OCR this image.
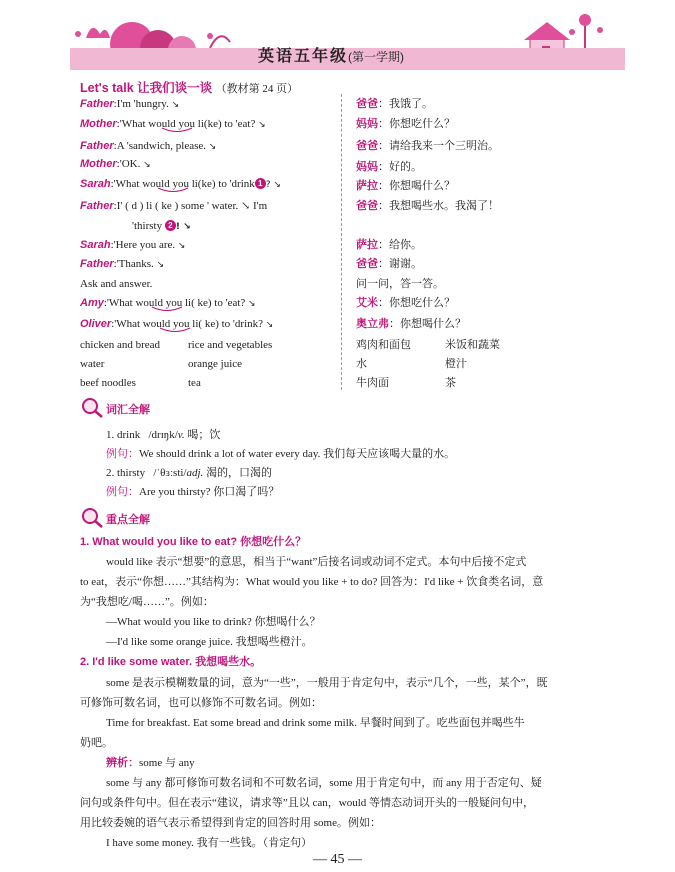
英语五年级(第一学期)
Let's talk 让我们谈一谈 （教材第 24 页）
Father:I'm 'hungry. ↘
Mother:'What would you li(ke) to 'eat? ↘
Father:A 'sandwich, please. ↘
Mother:'OK. ↘
Sarah:'What would you li(ke) to 'drink 1 ? ↘
Father:I' ( d ) li ( ke ) some ' water. ↘ I'm
'thirsty 2 ! ↘
Sarah:'Here you are. ↘
Father:'Thanks. ↘
Ask and answer.
Amy:'What would you li( ke) to 'eat? ↘
Oliver:'What would you li( ke) to 'drink? ↘
chicken and bread	rice and vegetables
water	orange juice
beef noodles	tea
爸爸：我饿了。
妈妈：你想吃什么？
爸爸：请给我来一个三明治。
妈妈：好的。
萨拉：你想喝什么？
爸爸：我想喝些水。我渴了！
萨拉：给你。
爸爸：谢谢。
问一问，答一答。
艾米：你想吃什么？
奥立弗：你想喝什么？
鸡肉和面包	米饭和蔬菜
水	橙汁
牛肉面	茶
词汇全解
1. drink /drɪŋk/v. 喝；饮
例句：We should drink a lot of water every day. 我们每天应该喝大量的水。
2. thirsty /ˈθɜːsti/adj. 渴的，口渴的
例句：Are you thirsty? 你口渴了吗？
重点全解
1. What would you like to eat? 你想吃什么？
would like 表示“想要”的意思，相当于“want”后接名词或动词不定式。本句中后接不定式
to eat，表示“你想……”其结构为：What would you like + to do? 回答为：I'd like + 饮食类名词，意
为“我想吃/喝……”。例如：
—What would you like to drink? 你想喝什么？
—I'd like some orange juice. 我想喝些橙汁。
2. I'd like some water. 我想喝些水。
some 是表示模糊数量的词，意为“一些”，一般用于肯定句中，表示“几个，一些，某个”，既
可修饰可数名词，也可以修饰不可数名词。例如：
Time for breakfast. Eat some bread and drink some milk. 早餐时间到了。吃些面包并喝些牛
奶吧。
辨析：some 与 any
some 与 any 都可修饰可数名词和不可数名词，some 用于肯定句中，而 any 用于否定句、疑
问句或条件句中。但在表示“建议，请求等”且以 can，would 等情态动词开头的一般疑问句中，
用比较委婉的语气表示希望得到肯定的回答时用 some。例如：
I have some money. 我有一些钱。（肯定句）
— 45 —
